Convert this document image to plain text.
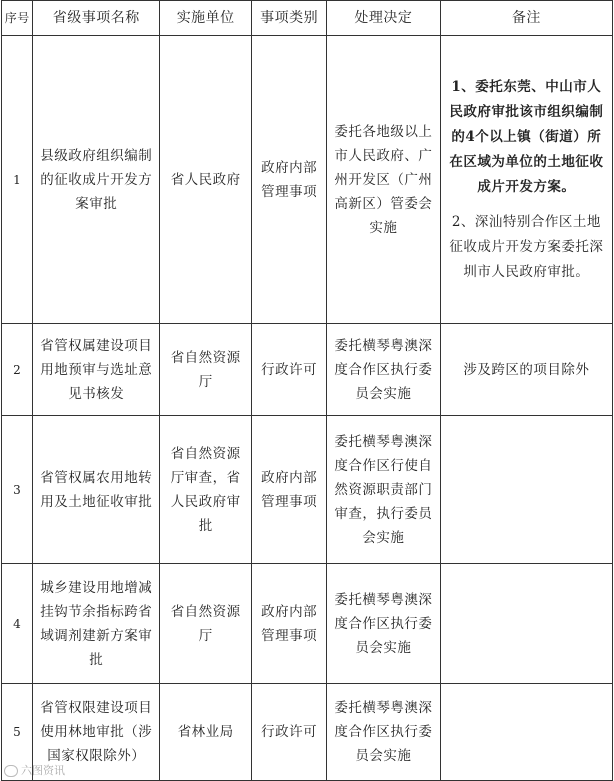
序号	省级事项名称	实施单位	事项类别	处理决定	备注
1	县级政府组织编制的征收成片开发方案审批	省人民政府	政府内部管理事项	委托各地级以上市人民政府、广州开发区（广州高新区）管委会实施	1、委托东莞、中山市人民政府审批该市组织编制的4个以上镇（街道）所在区域为单位的土地征收成片开发方案。
2、深汕特别合作区土地征收成片开发方案委托深圳市人民政府审批。

2	省管权属建设项目用地预审与选址意见书核发	省自然资源厅	行政许可	委托横琴粤澳深度合作区执行委员会实施	涉及跨区的项目除外
3	省管权属农用地转用及土地征收审批	省自然资源厅审查，省人民政府审批	政府内部管理事项	委托横琴粤澳深度合作区行使自然资源职责部门审查，执行委员会实施	
4	城乡建设用地增减挂钩节余指标跨省域调剂建新方案审批	省自然资源厅	政府内部管理事项	委托横琴粤澳深度合作区执行委员会实施	
5	省管权限建设项目使用林地审批（涉国家权限除外）	省林业局	行政许可	委托横琴粤澳深度合作区执行委员会实施	
六图资讯
